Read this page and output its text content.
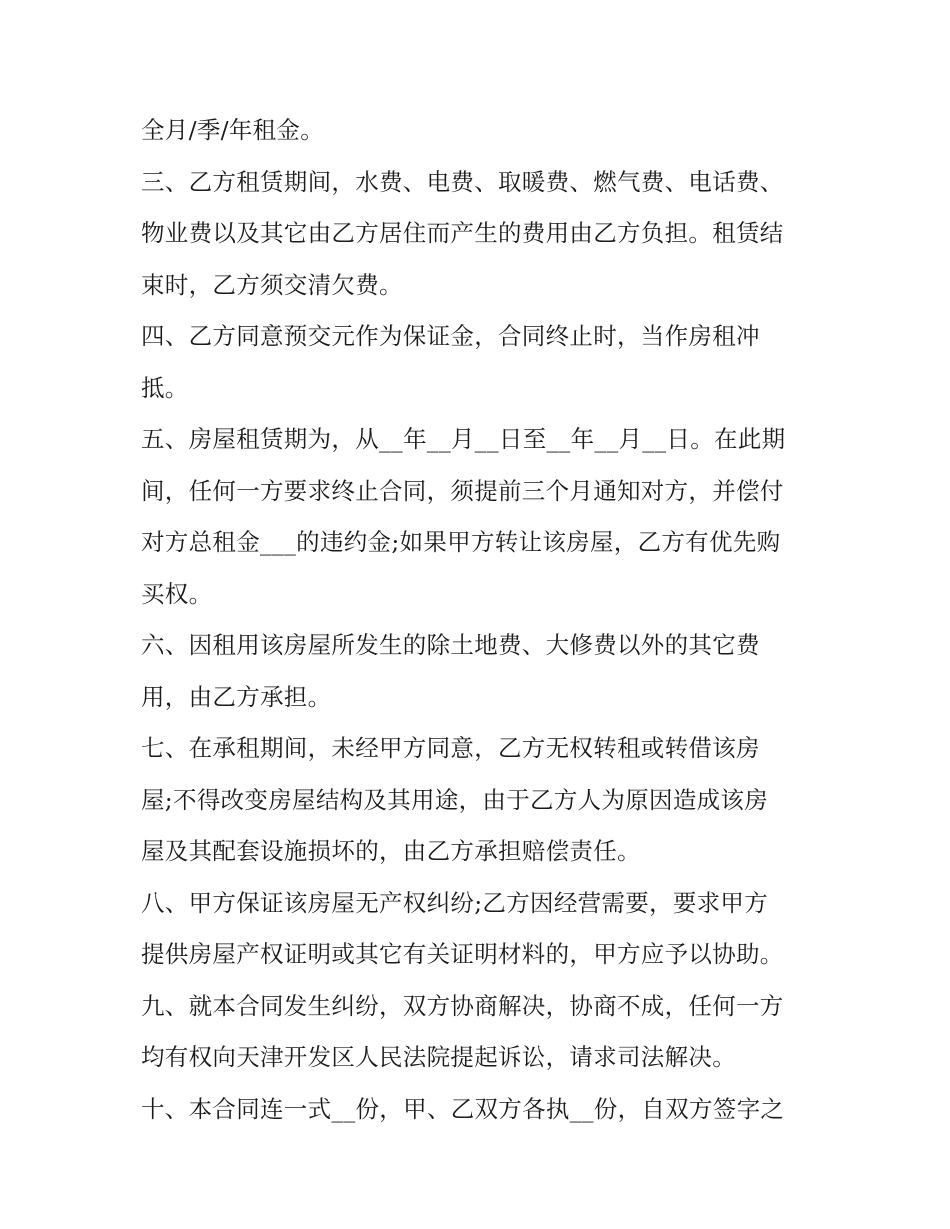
全月/季/年租金。
三、乙方租赁期间，水费、电费、取暖费、燃气费、电话费、
物业费以及其它由乙方居住而产生的费用由乙方负担。租赁结
束时，乙方须交清欠费。
四、乙方同意预交元作为保证金，合同终止时，当作房租冲
抵。
五、房屋租赁期为，从__年__月__日至__年__月__日。在此期
间，任何一方要求终止合同，须提前三个月通知对方，并偿付
对方总租金___的违约金;如果甲方转让该房屋，乙方有优先购
买权。
六、因租用该房屋所发生的除土地费、大修费以外的其它费
用，由乙方承担。
七、在承租期间，未经甲方同意，乙方无权转租或转借该房
屋;不得改变房屋结构及其用途，由于乙方人为原因造成该房
屋及其配套设施损坏的，由乙方承担赔偿责任。
八、甲方保证该房屋无产权纠纷;乙方因经营需要，要求甲方
提供房屋产权证明或其它有关证明材料的，甲方应予以协助。
九、就本合同发生纠纷，双方协商解决，协商不成，任何一方
均有权向天津开发区人民法院提起诉讼，请求司法解决。
十、本合同连一式__份，甲、乙双方各执__份，自双方签字之
